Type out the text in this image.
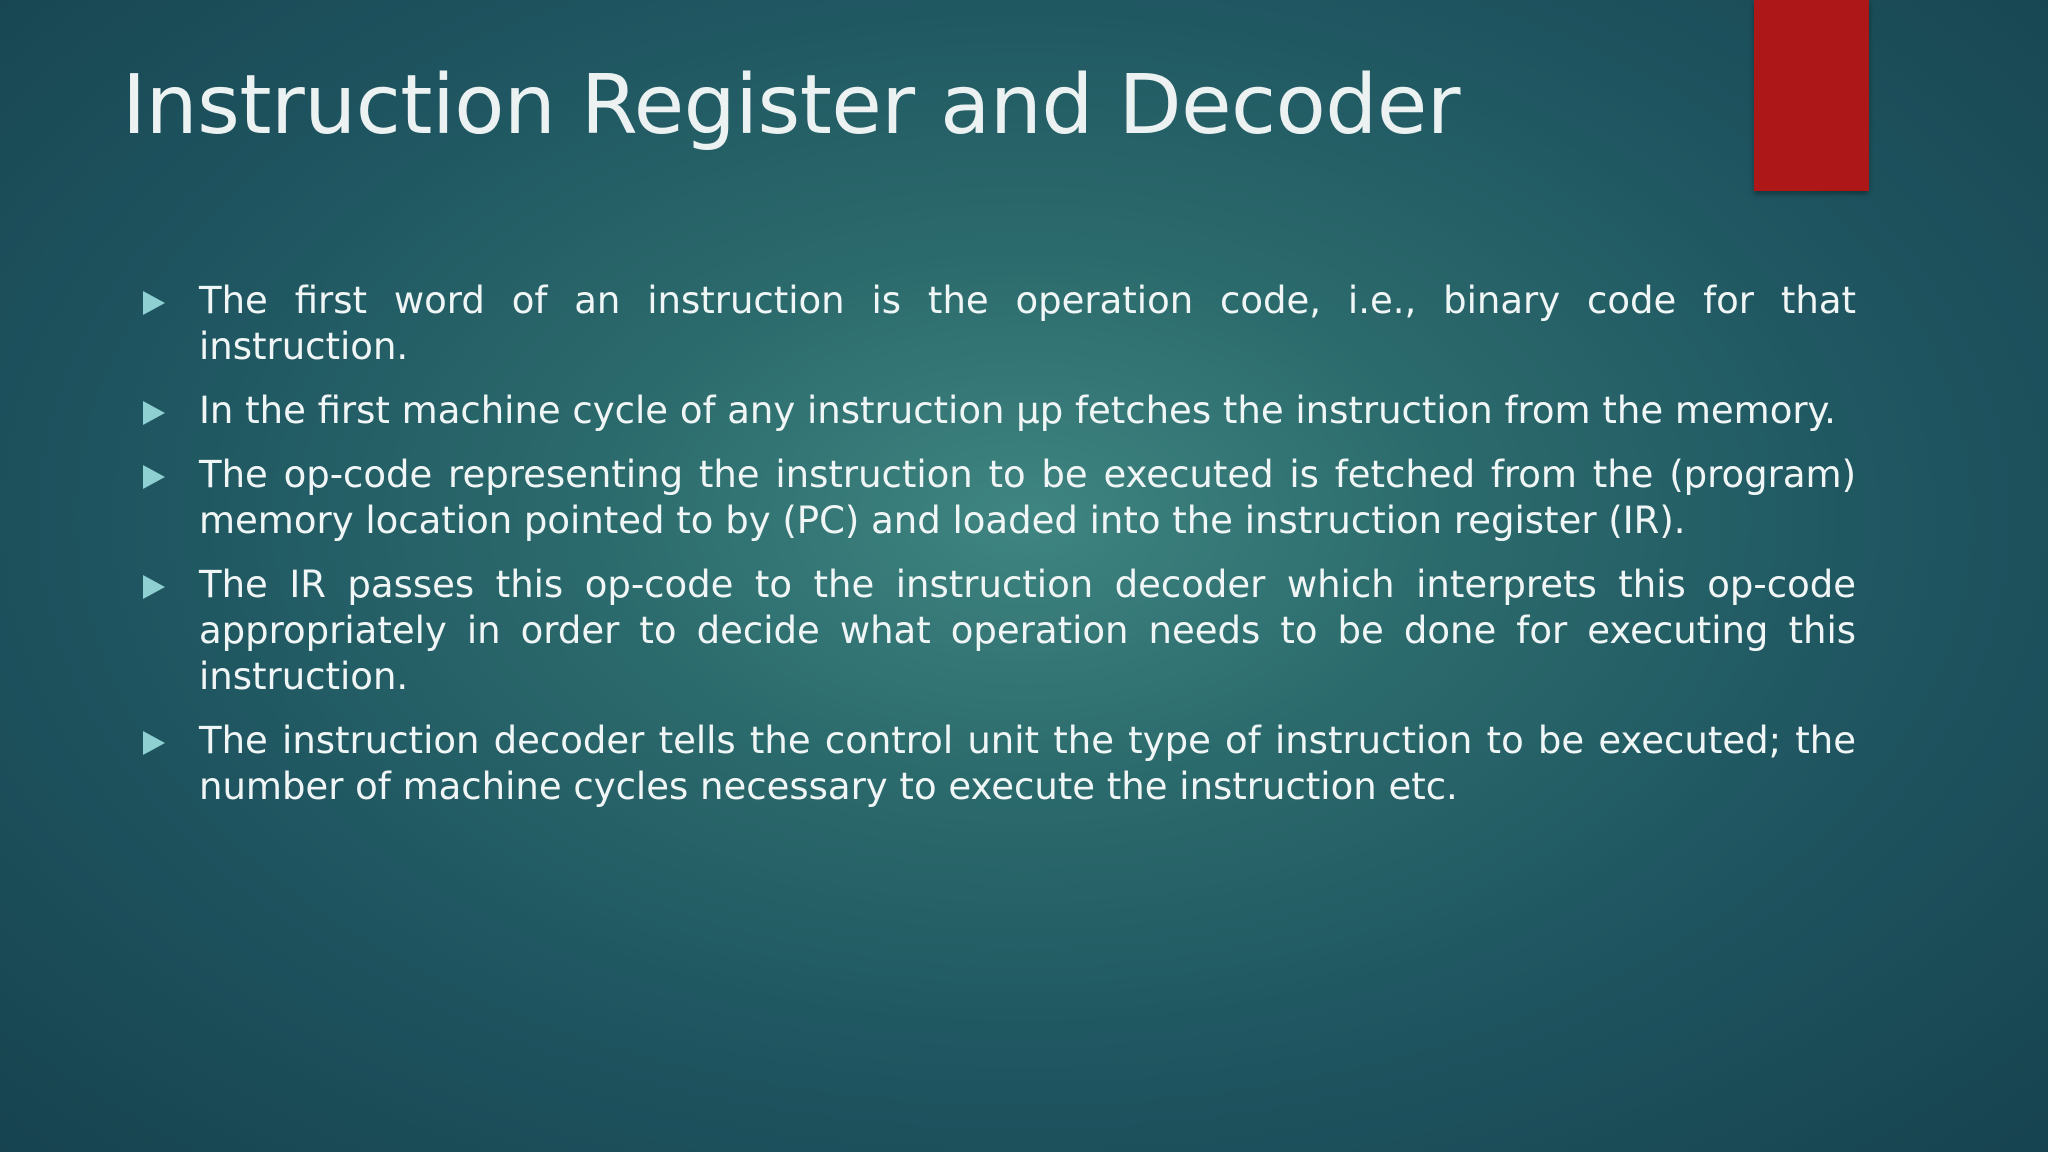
Instruction Register and Decoder
The first word of an instruction is the operation code, i.e., binary code for that instruction.
In the first machine cycle of any instruction μp fetches the instruction from the memory.
The op-code representing the instruction to be executed is fetched from the (program) memory location pointed to by (PC) and loaded into the instruction register (IR).
The IR passes this op-code to the instruction decoder which interprets this op-code appropriately in order to decide what operation needs to be done for executing this instruction.
The instruction decoder tells the control unit the type of instruction to be executed; the number of machine cycles necessary to execute the instruction etc.
